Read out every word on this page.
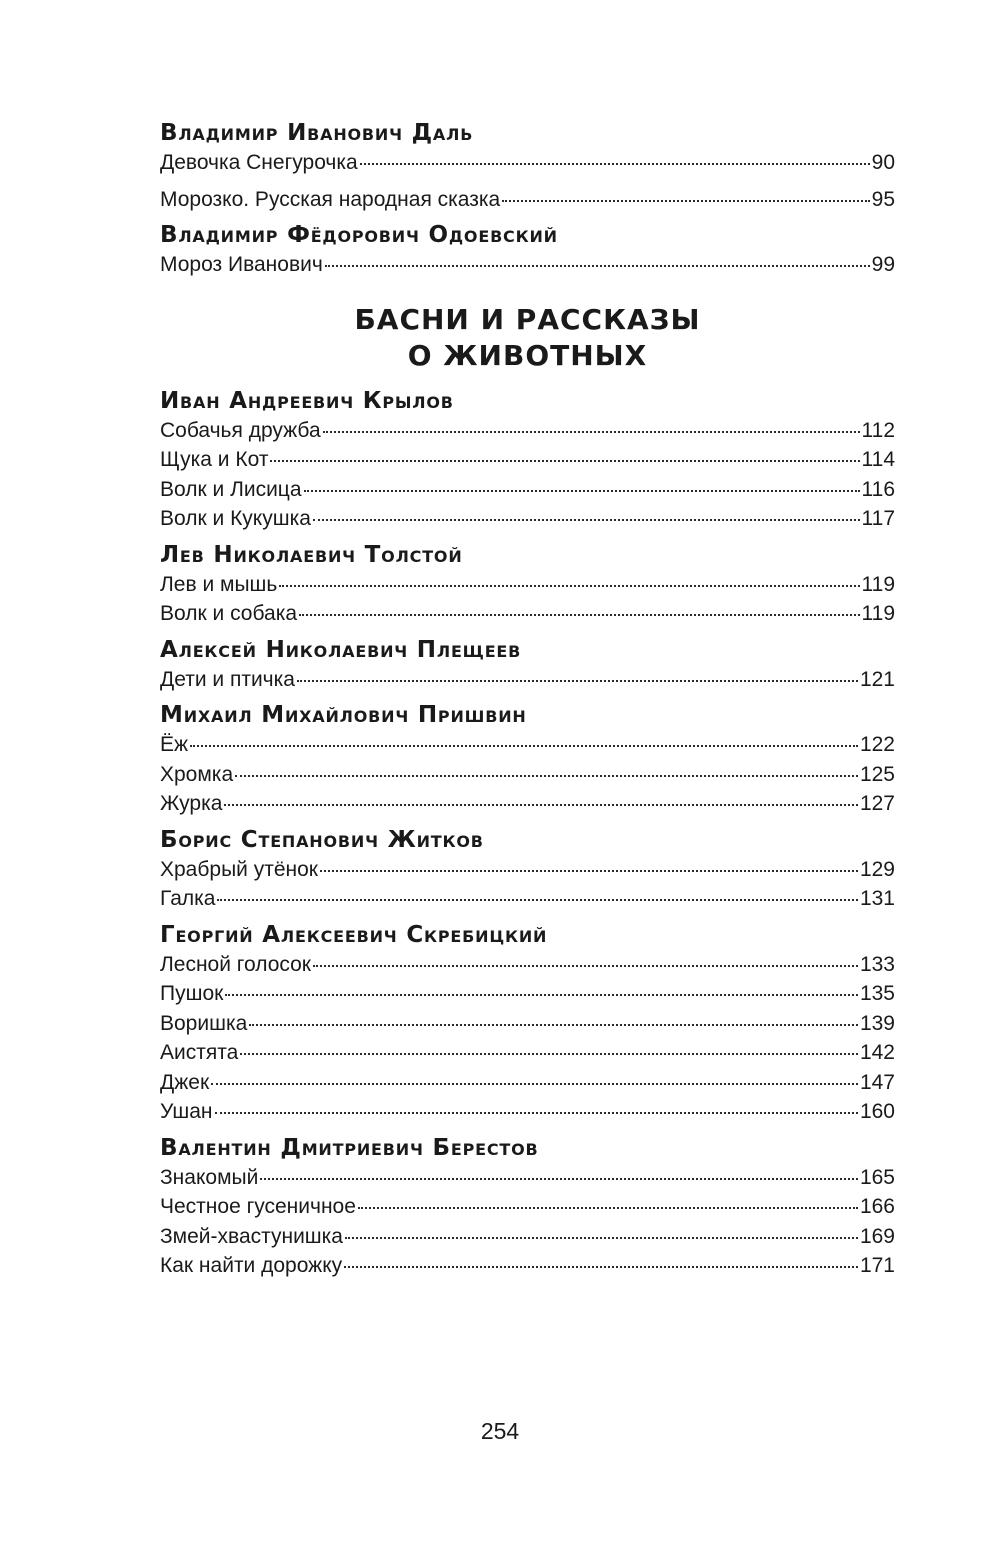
Владимир Иванович Даль
Девочка Снегурочка	90
Морозко. Русская народная сказка	95
Владимир Фёдорович Одоевский
Мороз Иванович	99
БАСНИ И РАССКАЗЫ
О ЖИВОТНЫХ
Иван Андреевич Крылов
Собачья дружба	112
Щука и Кот	114
Волк и Лисица	116
Волк и Кукушка	117
Лев Николаевич Толстой
Лев и мышь	119
Волк и собака	119
Алексей Николаевич Плещеев
Дети и птичка	121
Михаил Михайлович Пришвин
Ёж	122
Хромка	125
Журка	127
Борис Степанович Житков
Храбрый утёнок	129
Галка	131
Георгий Алексеевич Скребицкий
Лесной голосок	133
Пушок	135
Воришка	139
Аистята	142
Джек	147
Ушан	160
Валентин Дмитриевич Берестов
Знакомый	165
Честное гусеничное	166
Змей-хвастунишка	169
Как найти дорожку	171
254
